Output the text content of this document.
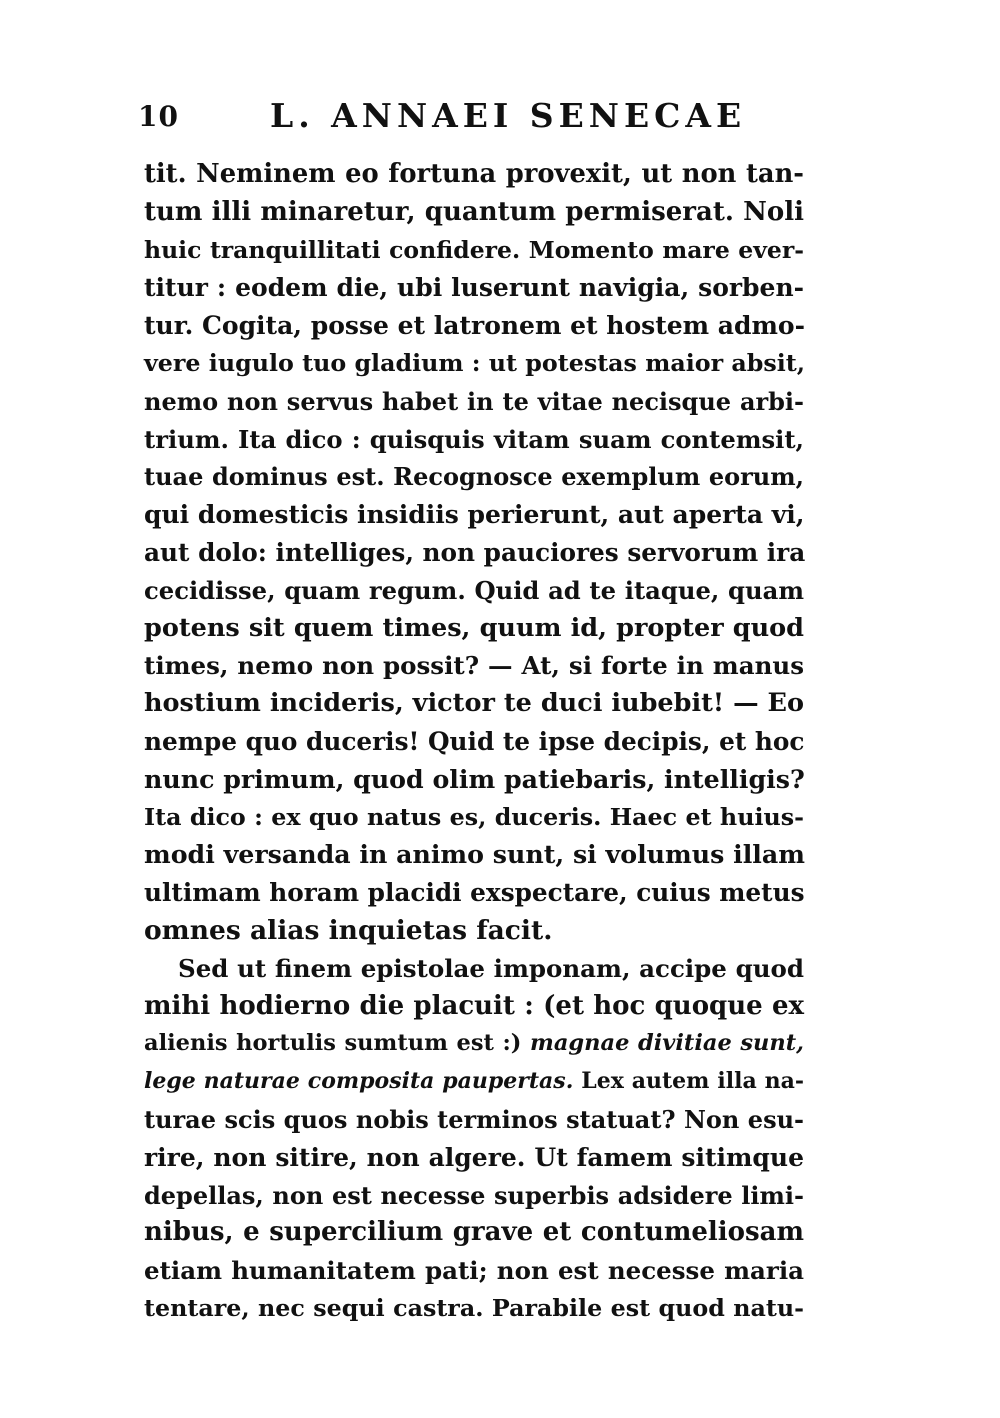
10	L. ANNAEI SENECAE
tit. Neminem eo fortuna provexit, ut non tan-
tum illi minaretur, quantum permiserat. Noli
huic tranquillitati confidere. Momento mare ever-
titur : eodem die, ubi luserunt navigia, sorben-
tur. Cogita, posse et latronem et hostem admo-
vere iugulo tuo gladium : ut potestas maior absit,
nemo non servus habet in te vitae necisque arbi-
trium. Ita dico : quisquis vitam suam contemsit,
tuae dominus est. Recognosce exemplum eorum,
qui domesticis insidiis perierunt, aut aperta vi,
aut dolo: intelliges, non pauciores servorum ira
cecidisse, quam regum. Quid ad te itaque, quam
potens sit quem times, quum id, propter quod
times, nemo non possit? — At, si forte in manus
hostium incideris, victor te duci iubebit! — Eo
nempe quo duceris! Quid te ipse decipis, et hoc
nunc primum, quod olim patiebaris, intelligis?
Ita dico : ex quo natus es, duceris. Haec et huius-
modi versanda in animo sunt, si volumus illam
ultimam horam placidi exspectare, cuius metus
omnes alias inquietas facit.
Sed ut finem epistolae imponam, accipe quod
mihi hodierno die placuit : (et hoc quoque ex
alienis hortulis sumtum est :) magnae divitiae sunt,
lege naturae composita paupertas. Lex autem illa na-
turae scis quos nobis terminos statuat? Non esu-
rire, non sitire, non algere. Ut famem sitimque
depellas, non est necesse superbis adsidere limi-
nibus, e supercilium grave et contumeliosam
etiam humanitatem pati; non est necesse maria
tentare, nec sequi castra. Parabile est quod natu-
